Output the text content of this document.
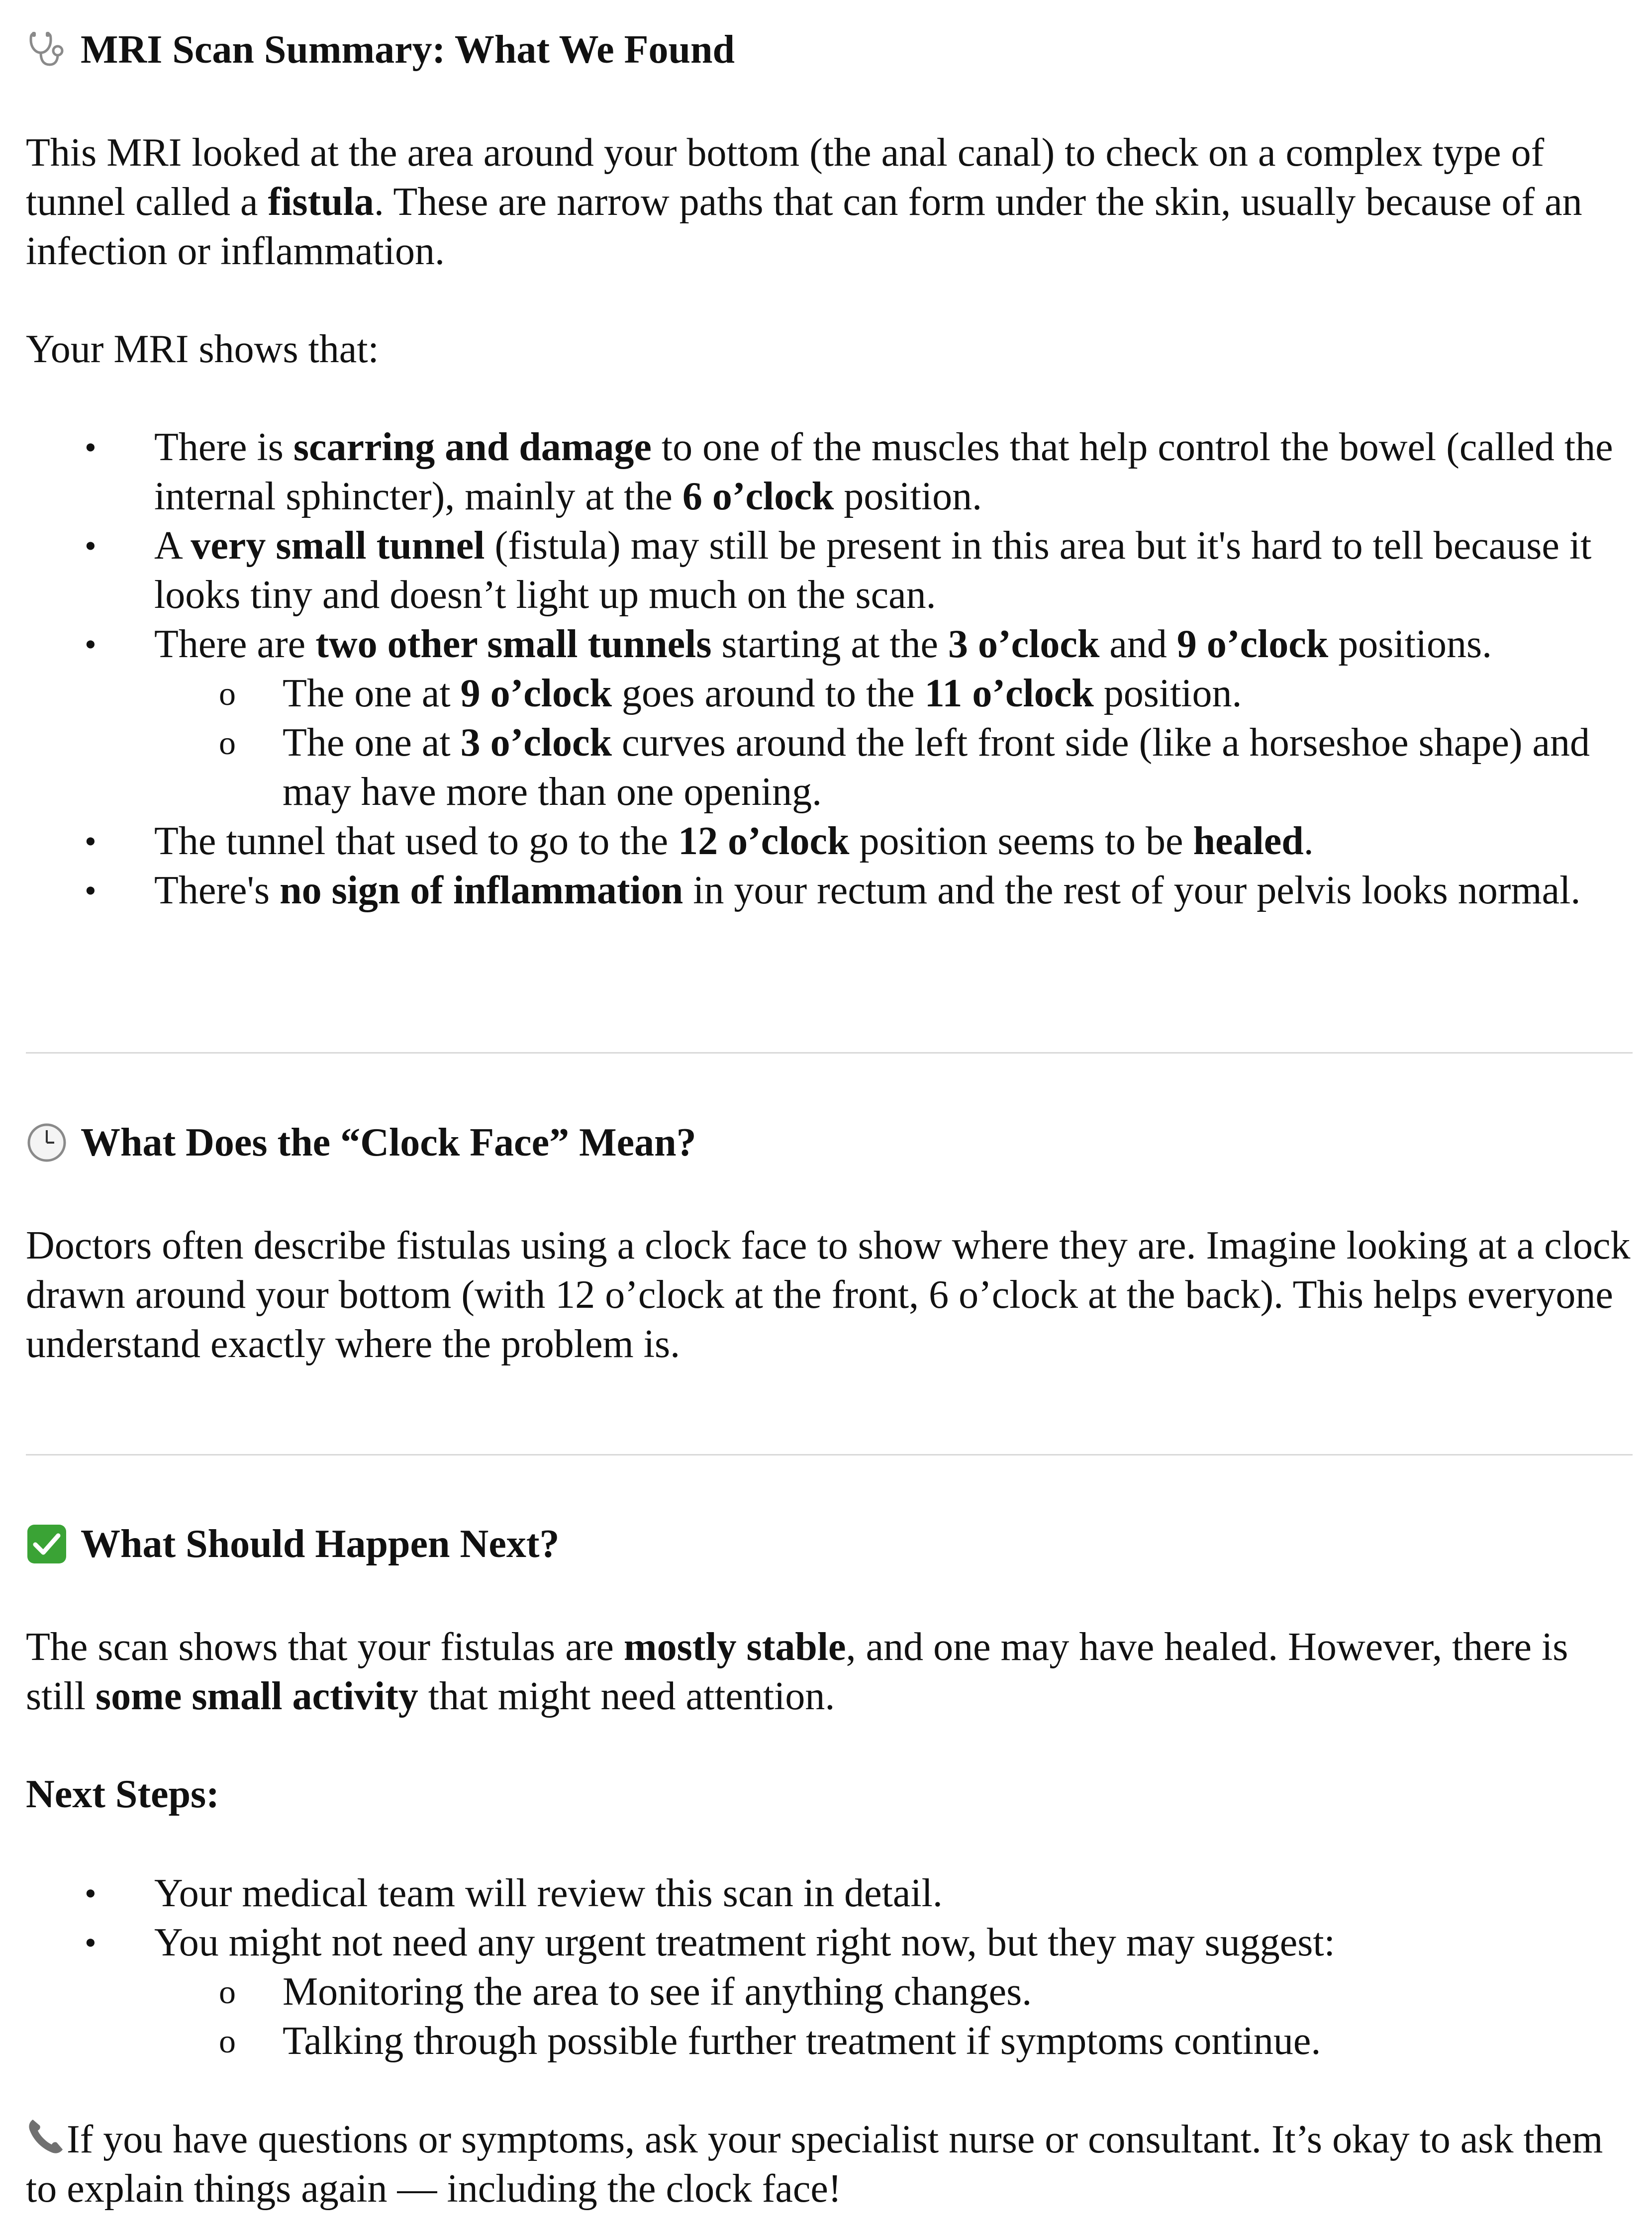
MRI Scan Summary: What We Found

This MRI looked at the area around your bottom (the anal canal) to check on a complex type of tunnel called a fistula. These are narrow paths that can form under the skin, usually because of an infection or inflammation.

Your MRI shows that:

• There is scarring and damage to one of the muscles that help control the bowel (called the internal sphincter), mainly at the 6 o’clock position.
• A very small tunnel (fistula) may still be present in this area but it's hard to tell because it looks tiny and doesn’t light up much on the scan.
• There are two other small tunnels starting at the 3 o’clock and 9 o’clock positions.
o The one at 9 o’clock goes around to the 11 o’clock position.
o The one at 3 o’clock curves around the left front side (like a horseshoe shape) and may have more than one opening.
• The tunnel that used to go to the 12 o’clock position seems to be healed.
• There's no sign of inflammation in your rectum and the rest of your pelvis looks normal.
What Does the “Clock Face” Mean?

Doctors often describe fistulas using a clock face to show where they are. Imagine looking at a clock drawn around your bottom (with 12 o’clock at the front, 6 o’clock at the back). This helps everyone understand exactly where the problem is.

What Should Happen Next?

The scan shows that your fistulas are mostly stable, and one may have healed. However, there is still some small activity that might need attention.

Next Steps:

• Your medical team will review this scan in detail.
• You might not need any urgent treatment right now, but they may suggest:
o Monitoring the area to see if anything changes.
o Talking through possible further treatment if symptoms continue.

If you have questions or symptoms, ask your specialist nurse or consultant. It’s okay to ask them to explain things again — including the clock face!
